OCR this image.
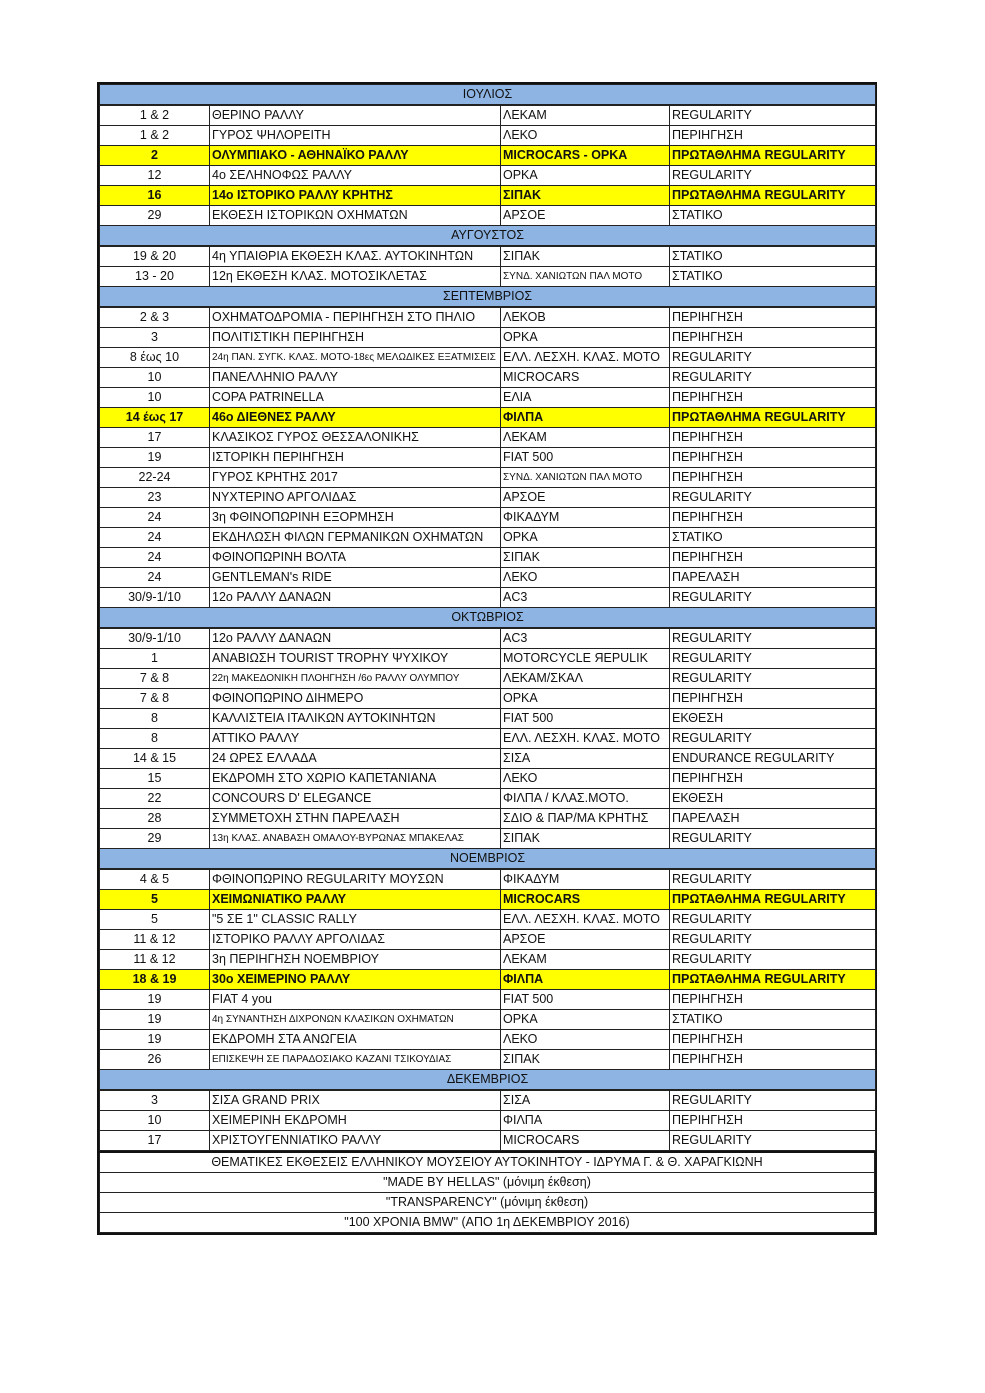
ΙΟΥΛΙΟΣ			
1 & 2	ΘΕΡΙΝΟ ΡΑΛΛΥ	ΛΕΚΑΜ	REGULARITY
1 & 2	ΓΥΡΟΣ ΨΗΛΟΡΕΙΤΗ	ΛΕΚΟ	ΠΕΡΙΗΓΗΣΗ
2	ΟΛΥΜΠΙΑΚΟ - ΑΘΗΝΑΪΚΟ ΡΑΛΛΥ	MICROCARS - ΟΡΚΑ	ΠΡΩΤΑΘΛΗΜΑ REGULARITY
12	4ο ΣΕΛΗΝΟΦΩΣ ΡΑΛΛΥ	ΟΡΚΑ	REGULARITY
16	14ο ΙΣΤΟΡΙΚΟ ΡΑΛΛΥ ΚΡΗΤΗΣ	ΣΙΠΑΚ	ΠΡΩΤΑΘΛΗΜΑ REGULARITY
29	ΕΚΘΕΣΗ ΙΣΤΟΡΙΚΩΝ ΟΧΗΜΑΤΩΝ	ΑΡΣΟΕ	ΣΤΑΤΙΚΟ
ΑΥΓΟΥΣΤΟΣ			
19 & 20	4η ΥΠΑΙΘΡΙΑ ΕΚΘΕΣΗ ΚΛΑΣ. ΑΥΤΟΚΙΝΗΤΩΝ	ΣΙΠΑΚ	ΣΤΑΤΙΚΟ
13 - 20	12η ΕΚΘΕΣΗ ΚΛΑΣ. ΜΟΤΟΣΙΚΛΕΤΑΣ	ΣΥΝΔ. ΧΑΝΙΩΤΩΝ ΠΑΛ ΜΟΤΟ	ΣΤΑΤΙΚΟ
ΣΕΠΤΕΜΒΡΙΟΣ			
2 & 3	ΟΧΗΜΑΤΟΔΡΟΜΙΑ - ΠΕΡΙΗΓΗΣΗ ΣΤΟ ΠΗΛΙΟ	ΛΕΚΟΒ	ΠΕΡΙΗΓΗΣΗ
3	ΠΟΛΙΤΙΣΤΙΚΗ ΠΕΡΙΗΓΗΣΗ	ΟΡΚΑ	ΠΕΡΙΗΓΗΣΗ
8 έως 10	24η ΠΑΝ. ΣΥΓΚ. ΚΛΑΣ. ΜΟΤΟ-18ες ΜΕΛΩΔΙΚΕΣ ΕΞΑΤΜΙΣΕΙΣ	ΕΛΛ. ΛΕΣΧΗ. ΚΛΑΣ. ΜΟΤΟ	REGULARITY
10	ΠΑΝΕΛΛΗΝΙΟ ΡΑΛΛΥ	MICROCARS	REGULARITY
10	COPA PATRINELLA	ΕΛΙΑ	ΠΕΡΙΗΓΗΣΗ
14 έως 17	46ο ΔΙΕΘΝΕΣ ΡΑΛΛΥ	ΦΙΛΠΑ	ΠΡΩΤΑΘΛΗΜΑ REGULARITY
17	ΚΛΑΣΙΚΟΣ ΓΥΡΟΣ ΘΕΣΣΑΛΟΝΙΚΗΣ	ΛΕΚΑΜ	ΠΕΡΙΗΓΗΣΗ
19	ΙΣΤΟΡΙΚΗ ΠΕΡΙΗΓΗΣΗ	FIAT 500	ΠΕΡΙΗΓΗΣΗ
22-24	ΓΥΡΟΣ ΚΡΗΤΗΣ 2017	ΣΥΝΔ. ΧΑΝΙΩΤΩΝ ΠΑΛ ΜΟΤΟ	ΠΕΡΙΗΓΗΣΗ
23	ΝΥΧΤΕΡΙΝΟ ΑΡΓΟΛΙΔΑΣ	ΑΡΣΟΕ	REGULARITY
24	3η ΦΘΙΝΟΠΩΡΙΝΗ ΕΞΟΡΜΗΣΗ	ΦΙΚΑΔΥΜ	ΠΕΡΙΗΓΗΣΗ
24	ΕΚΔΗΛΩΣΗ ΦΙΛΩΝ ΓΕΡΜΑΝΙΚΩΝ ΟΧΗΜΑΤΩΝ	ΟΡΚΑ	ΣΤΑΤΙΚΟ
24	ΦΘΙΝΟΠΩΡΙΝΗ ΒΟΛΤΑ	ΣΙΠΑΚ	ΠΕΡΙΗΓΗΣΗ
24	GENTLEMAN's RIDE	ΛΕΚΟ	ΠΑΡΕΛΑΣΗ
30/9-1/10	12ο ΡΑΛΛΥ ΔΑΝΑΩΝ	AC3	REGULARITY
ΟΚΤΩΒΡΙΟΣ			
30/9-1/10	12ο ΡΑΛΛΥ ΔΑΝΑΩΝ	AC3	REGULARITY
1	ΑΝΑΒΙΩΣΗ TOURIST TROPHY ΨΥΧΙΚΟΥ	MOTORCYCLE ЯEPULIK	REGULARITY
7 & 8	22η ΜΑΚΕΔΟΝΙΚΗ ΠΛΟΗΓΗΣΗ /6ο ΡΑΛΛΥ ΟΛΥΜΠΟΥ	ΛΕΚΑΜ/ΣΚΑΛ	REGULARITY
7 & 8	ΦΘΙΝΟΠΩΡΙΝΟ ΔΙΗΜΕΡΟ	ΟΡΚΑ	ΠΕΡΙΗΓΗΣΗ
8	ΚΑΛΛΙΣΤΕΙΑ ΙΤΑΛΙΚΩΝ ΑΥΤΟΚΙΝΗΤΩΝ	FIAT 500	ΕΚΘΕΣΗ
8	ΑΤΤΙΚΟ ΡΑΛΛΥ	ΕΛΛ. ΛΕΣΧΗ. ΚΛΑΣ. ΜΟΤΟ	REGULARITY
14 & 15	24 ΩΡΕΣ ΕΛΛΑΔΑ	ΣΙΣΑ	ENDURANCE REGULARITY
15	ΕΚΔΡΟΜΗ ΣΤΟ ΧΩΡΙΟ ΚΑΠΕΤΑΝΙΑΝΑ	ΛΕΚΟ	ΠΕΡΙΗΓΗΣΗ
22	CONCOURS D' ELEGANCE	ΦΙΛΠΑ / ΚΛΑΣ.ΜΟΤΟ.	ΕΚΘΕΣΗ
28	ΣΥΜΜΕΤΟΧΗ ΣΤΗΝ ΠΑΡΕΛΑΣΗ	ΣΔΙΟ & ΠΑΡ/ΜΑ ΚΡΗΤΗΣ	ΠΑΡΕΛΑΣΗ
29	13η ΚΛΑΣ. ΑΝΑΒΑΣΗ ΟΜΑΛΟΥ-ΒΥΡΩΝΑΣ ΜΠΑΚΕΛΑΣ	ΣΙΠΑΚ	REGULARITY
ΝΟΕΜΒΡΙΟΣ			
4 & 5	ΦΘΙΝΟΠΩΡΙΝΟ REGULARITY ΜΟΥΣΩΝ	ΦΙΚΑΔΥΜ	REGULARITY
5	ΧΕΙΜΩΝΙΑΤΙΚΟ ΡΑΛΛΥ	MICROCARS	ΠΡΩΤΑΘΛΗΜΑ REGULARITY
5	"5 ΣΕ 1" CLASSIC RALLY	ΕΛΛ. ΛΕΣΧΗ. ΚΛΑΣ. ΜΟΤΟ	REGULARITY
11 & 12	ΙΣΤΟΡΙΚΟ ΡΑΛΛΥ ΑΡΓΟΛΙΔΑΣ	ΑΡΣΟΕ	REGULARITY
11 & 12	3η ΠΕΡΙΗΓΗΣΗ ΝΟΕΜΒΡΙΟΥ	ΛΕΚΑΜ	REGULARITY
18 & 19	30ο ΧΕΙΜΕΡΙΝΟ ΡΑΛΛΥ	ΦΙΛΠΑ	ΠΡΩΤΑΘΛΗΜΑ REGULARITY
19	FIAT 4 you	FIAT 500	ΠΕΡΙΗΓΗΣΗ
19	4η ΣΥΝΑΝΤΗΣΗ ΔΙΧΡΟΝΩΝ ΚΛΑΣΙΚΩΝ ΟΧΗΜΑΤΩΝ	ΟΡΚΑ	ΣΤΑΤΙΚΟ
19	ΕΚΔΡΟΜΗ ΣΤΑ ΑΝΩΓΕΙΑ	ΛΕΚΟ	ΠΕΡΙΗΓΗΣΗ
26	ΕΠΙΣΚΕΨΗ ΣΕ ΠΑΡΑΔΟΣΙΑΚΟ ΚΑΖΑΝΙ ΤΣΙΚΟΥΔΙΑΣ	ΣΙΠΑΚ	ΠΕΡΙΗΓΗΣΗ
ΔΕΚΕΜΒΡΙΟΣ			
3	ΣΙΣΑ GRAND PRIX	ΣΙΣΑ	REGULARITY
10	ΧΕΙΜΕΡΙΝΗ ΕΚΔΡΟΜΗ	ΦΙΛΠΑ	ΠΕΡΙΗΓΗΣΗ
17	ΧΡΙΣΤΟΥΓΕΝΝΙΑΤΙΚΟ ΡΑΛΛΥ	MICROCARS	REGULARITY
ΘΕΜΑΤΙΚΕΣ ΕΚΘΕΣΕΙΣ ΕΛΛΗΝΙΚΟΥ ΜΟΥΣΕΙΟΥ ΑΥΤΟΚΙΝΗΤΟΥ - ΙΔΡΥΜΑ Γ. & Θ. ΧΑΡΑΓΚΙΩΝΗ
"MADE BY HELLAS" (μόνιμη έκθεση)
"TRANSPARENCY" (μόνιμη έκθεση)
"100 ΧΡΟΝΙΑ BMW" (ΑΠΟ 1η ΔΕΚΕΜΒΡΙΟΥ 2016)
